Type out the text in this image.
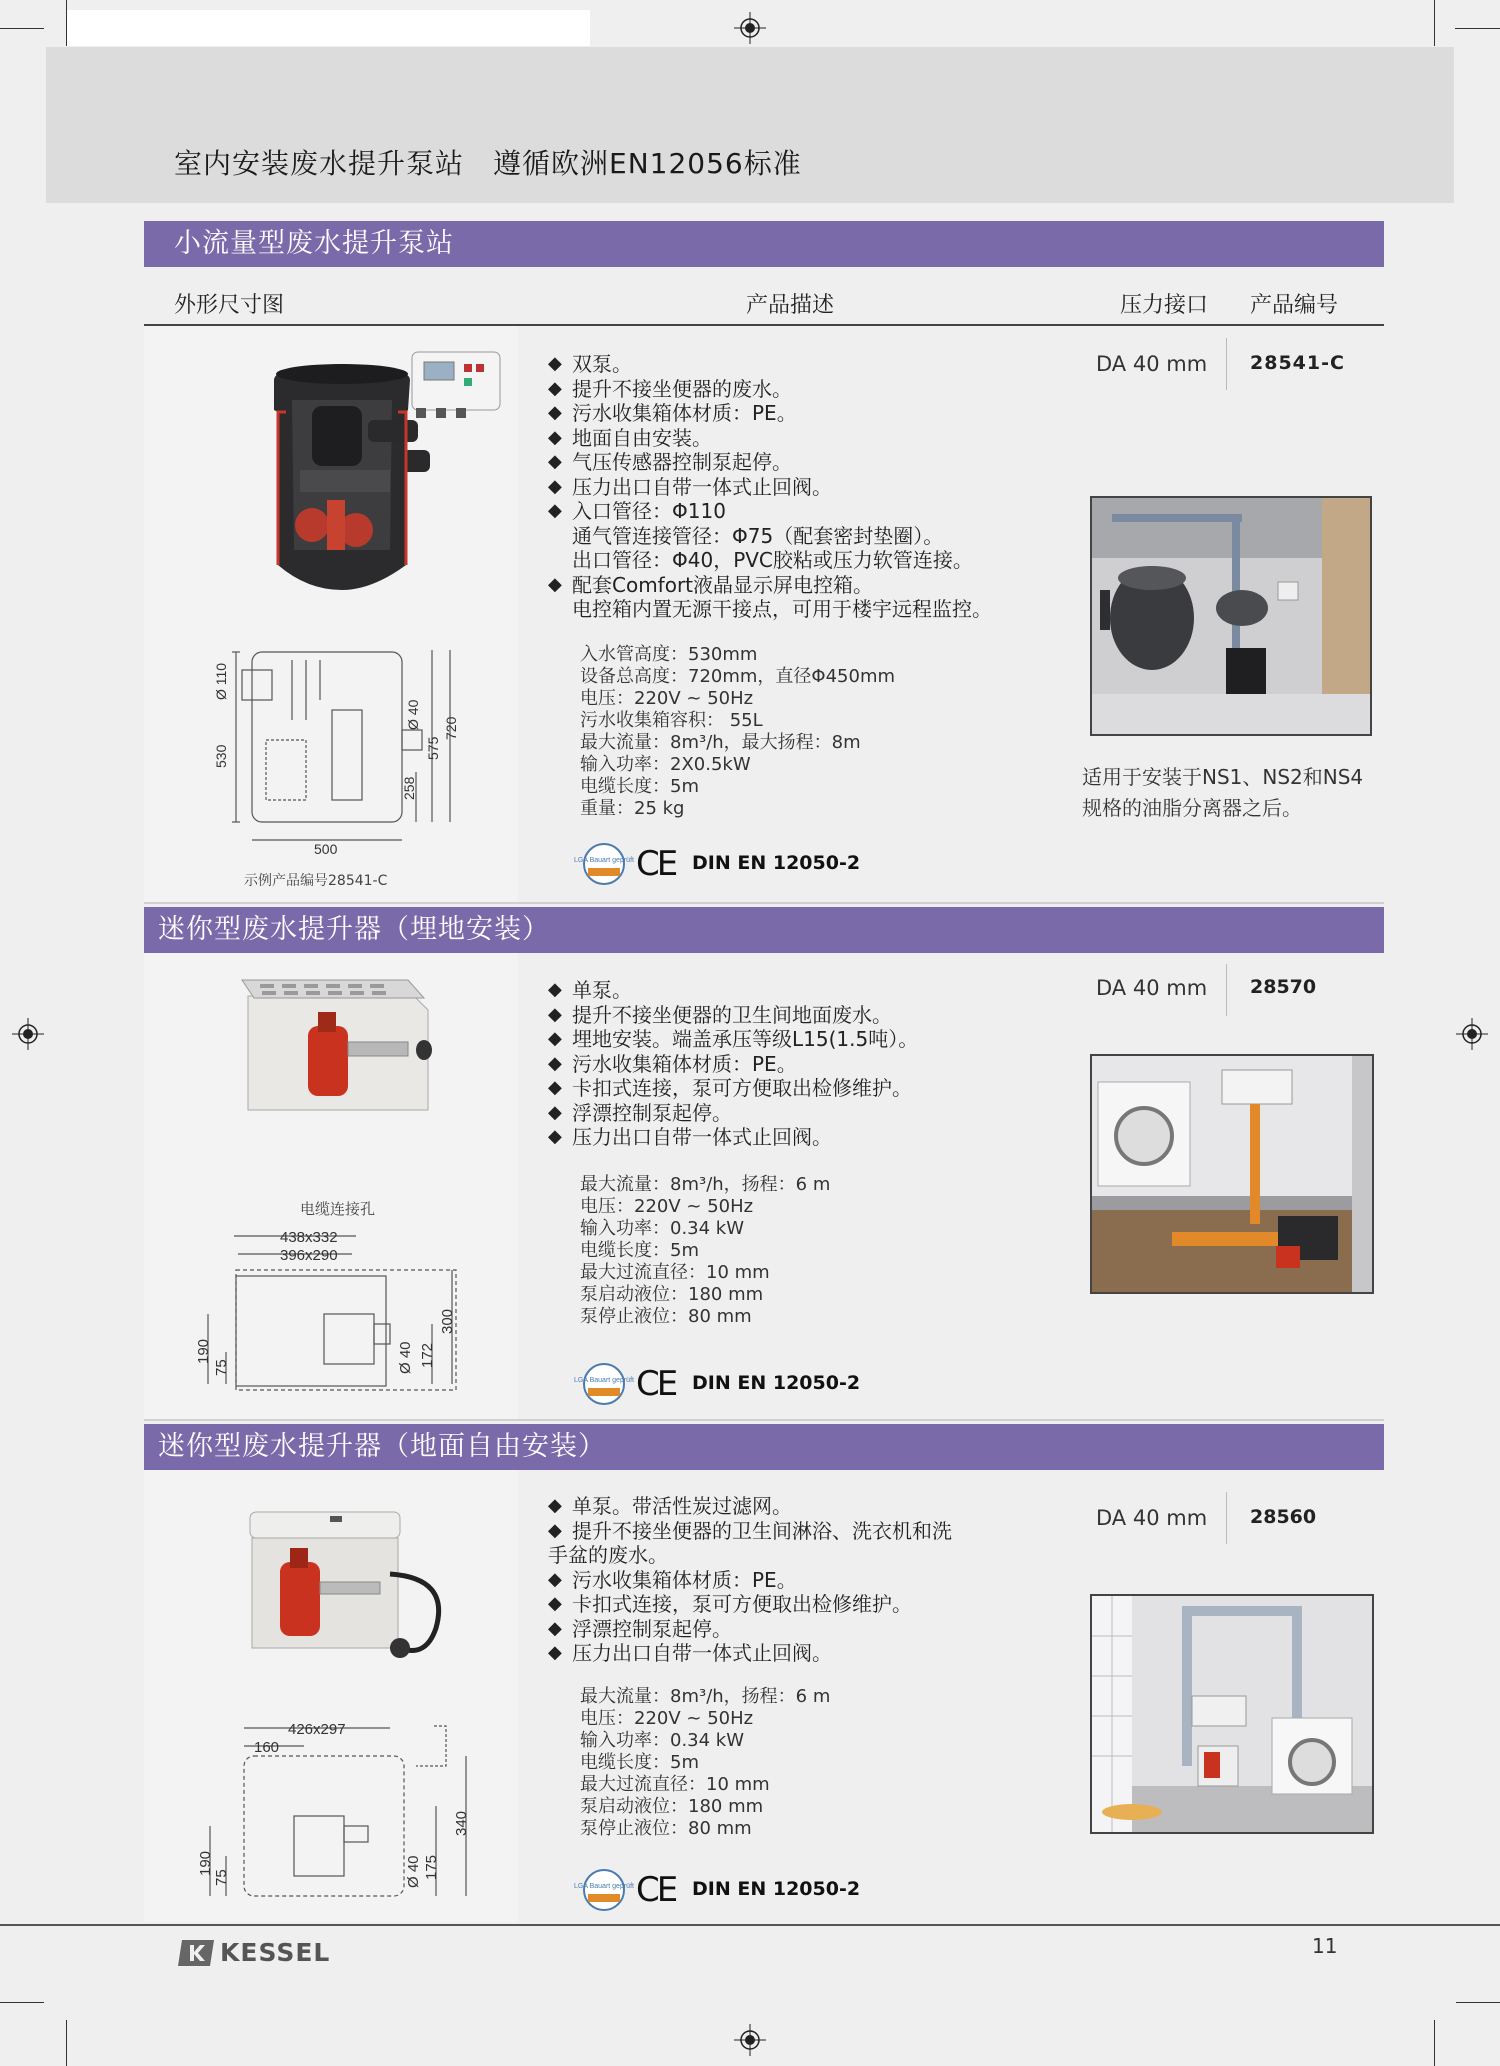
室内安装废水提升泵站　遵循欧洲EN12056标准
小流量型废水提升泵站
外形尺寸图	产品描述	压力接口 产品编号
Ø 110
530
Ø 40
258
575
720
500
示例产品编号28541-C
◆ 双泵。
◆ 提升不接坐便器的废水。
◆ 污水收集箱体材质：PE。
◆ 地面自由安装。
◆ 气压传感器控制泵起停。
◆ 压力出口自带一体式止回阀。
◆ 入口管径：Φ110
通气管连接管径：Φ75（配套密封垫圈）。
出口管径：Φ40，PVC胶粘或压力软管连接。
◆ 配套Comfort液晶显示屏电控箱。
电控箱内置无源干接点，可用于楼宇远程监控。
入水管高度：530mm
设备总高度：720mm，直径Φ450mm
电压：220V ~ 50Hz
污水收集箱容积： 55L
最大流量：8m³/h，最大扬程：8m
输入功率：2X0.5kW
电缆长度：5m
重量：25 kg
LGA Bauart geprüft CE DIN EN 12050-2
DA 40 mm 28541-C
适用于安装于NS1、NS2和NS4
规格的油脂分离器之后。
迷你型废水提升器（埋地安装）
电缆连接孔
438x332
396x290
190
75	Ø 40 172
300
◆ 单泵。
◆ 提升不接坐便器的卫生间地面废水。
◆ 埋地安装。端盖承压等级L15(1.5吨）。
◆ 污水收集箱体材质：PE。
◆ 卡扣式连接，泵可方便取出检修维护。
◆ 浮漂控制泵起停。
◆ 压力出口自带一体式止回阀。
最大流量：8m³/h，扬程：6 m
电压：220V ~ 50Hz
输入功率：0.34 kW
电缆长度：5m
最大过流直径：10 mm
泵启动液位：180 mm
泵停止液位：80 mm
LGA Bauart geprüft CE DIN EN 12050-2
DA 40 mm 28570
迷你型废水提升器（地面自由安装）
426x297
160
190
75	Ø 40 175
340
◆ 单泵。带活性炭过滤网。
◆ 提升不接坐便器的卫生间淋浴、洗衣机和洗
手盆的废水。
◆ 污水收集箱体材质：PE。
◆ 卡扣式连接，泵可方便取出检修维护。
◆ 浮漂控制泵起停。
◆ 压力出口自带一体式止回阀。
最大流量：8m³/h，扬程：6 m
电压：220V ~ 50Hz
输入功率：0.34 kW
电缆长度：5m
最大过流直径：10 mm
泵启动液位：180 mm
泵停止液位：80 mm
LGA Bauart geprüft CE DIN EN 12050-2
DA 40 mm 28560
KESSEL	11
